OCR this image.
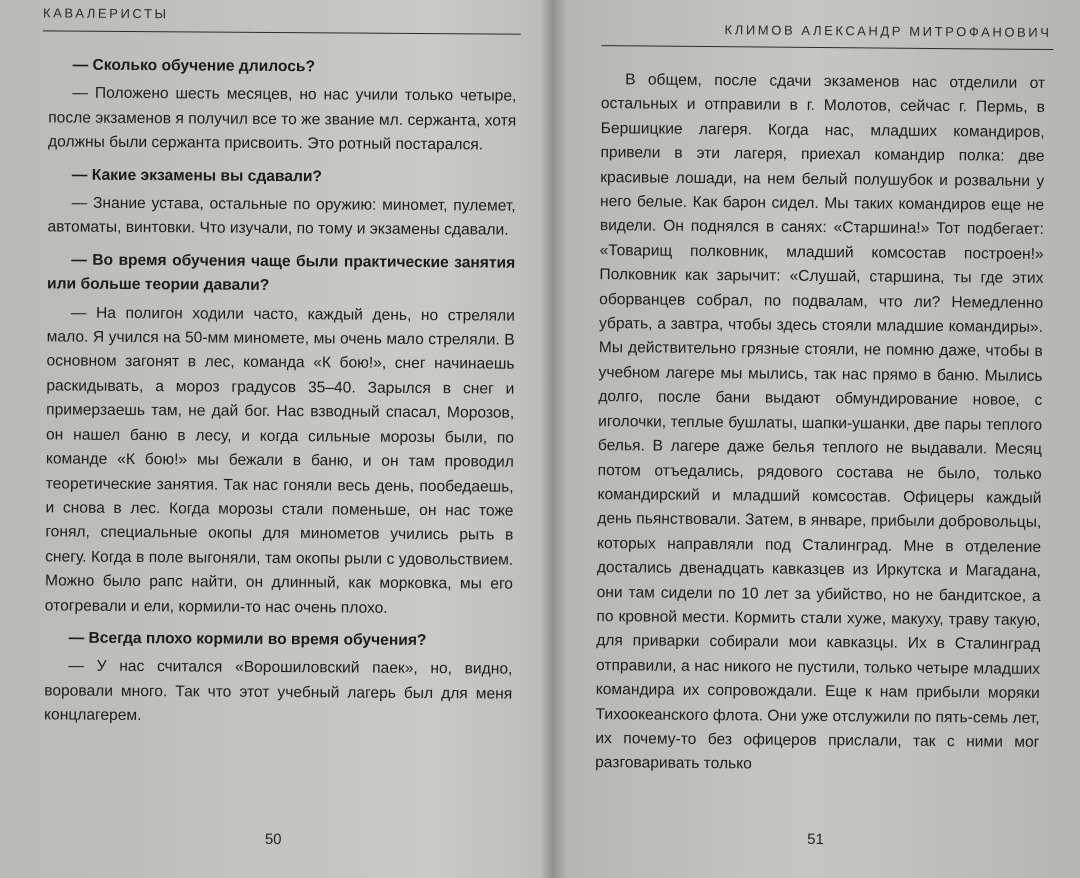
КАВАЛЕРИСТЫ

— Сколько обучение длилось?

— Положено шесть месяцев, но нас учили только четыре, после экзаменов я получил все то же звание мл. сержанта, хотя должны были сержанта присвоить. Это ротный постарался.

— Какие экзамены вы сдавали?

— Знание устава, остальные по оружию: миномет, пулемет, автоматы, винтовки. Что изучали, по тому и экзамены сдавали.

— Во время обучения чаще были практические занятия или больше теории давали?

— На полигон ходили часто, каждый день, но стреляли мало. Я учился на 50-мм миномете, мы очень мало стреляли. В основном загонят в лес, команда «К бою!», снег начинаешь раскидывать, а мороз градусов 35–40. Зарылся в снег и примерзаешь там, не дай бог. Нас взводный спасал, Морозов, он нашел баню в лесу, и когда сильные морозы были, по команде «К бою!» мы бежали в баню, и он там проводил теоретические занятия. Так нас гоняли весь день, пообедаешь, и снова в лес. Когда морозы стали поменьше, он нас тоже гонял, специальные окопы для минометов учились рыть в снегу. Когда в поле выгоняли, там окопы рыли с удовольствием. Можно было рапс найти, он длинный, как морковка, мы его отогревали и ели, кормили-то нас очень плохо.

— Всегда плохо кормили во время обучения?

— У нас считался «Ворошиловский паек», но, видно, воровали много. Так что этот учебный лагерь был для меня концлагерем.

50
КЛИМОВ АЛЕКСАНДР МИТРОФАНОВИЧ

В общем, после сдачи экзаменов нас отделили от остальных и отправили в г. Молотов, сейчас г. Пермь, в Бершицкие лагеря. Когда нас, младших командиров, привели в эти лагеря, приехал командир полка: две красивые лошади, на нем белый полушубок и розвальни у него белые. Как барон сидел. Мы таких командиров еще не видели. Он поднялся в санях: «Старшина!» Тот подбегает: «Товарищ полковник, младший комсостав построен!» Полковник как зарычит: «Слушай, старшина, ты где этих оборванцев собрал, по подвалам, что ли? Немедленно убрать, а завтра, чтобы здесь стояли младшие командиры». Мы действительно грязные стояли, не помню даже, чтобы в учебном лагере мы мылись, так нас прямо в баню. Мылись долго, после бани выдают обмундирование новое, с иголочки, теплые бушлаты, шапки-ушанки, две пары теплого белья. В лагере даже белья теплого не выдавали. Месяц потом отъедались, рядового состава не было, только командирский и младший комсостав. Офицеры каждый день пьянствовали. Затем, в январе, прибыли добровольцы, которых направляли под Сталинград. Мне в отделение достались двенадцать кавказцев из Иркутска и Магадана, они там сидели по 10 лет за убийство, но не бандитское, а по кровной мести. Кормить стали хуже, макуху, траву такую, для приварки собирали мои кавказцы. Их в Сталинград отправили, а нас никого не пустили, только четыре младших командира их сопровождали. Еще к нам прибыли моряки Тихоокеанского флота. Они уже отслужили по пять-семь лет, их почему-то без офицеров прислали, так с ними мог разговаривать только

51
